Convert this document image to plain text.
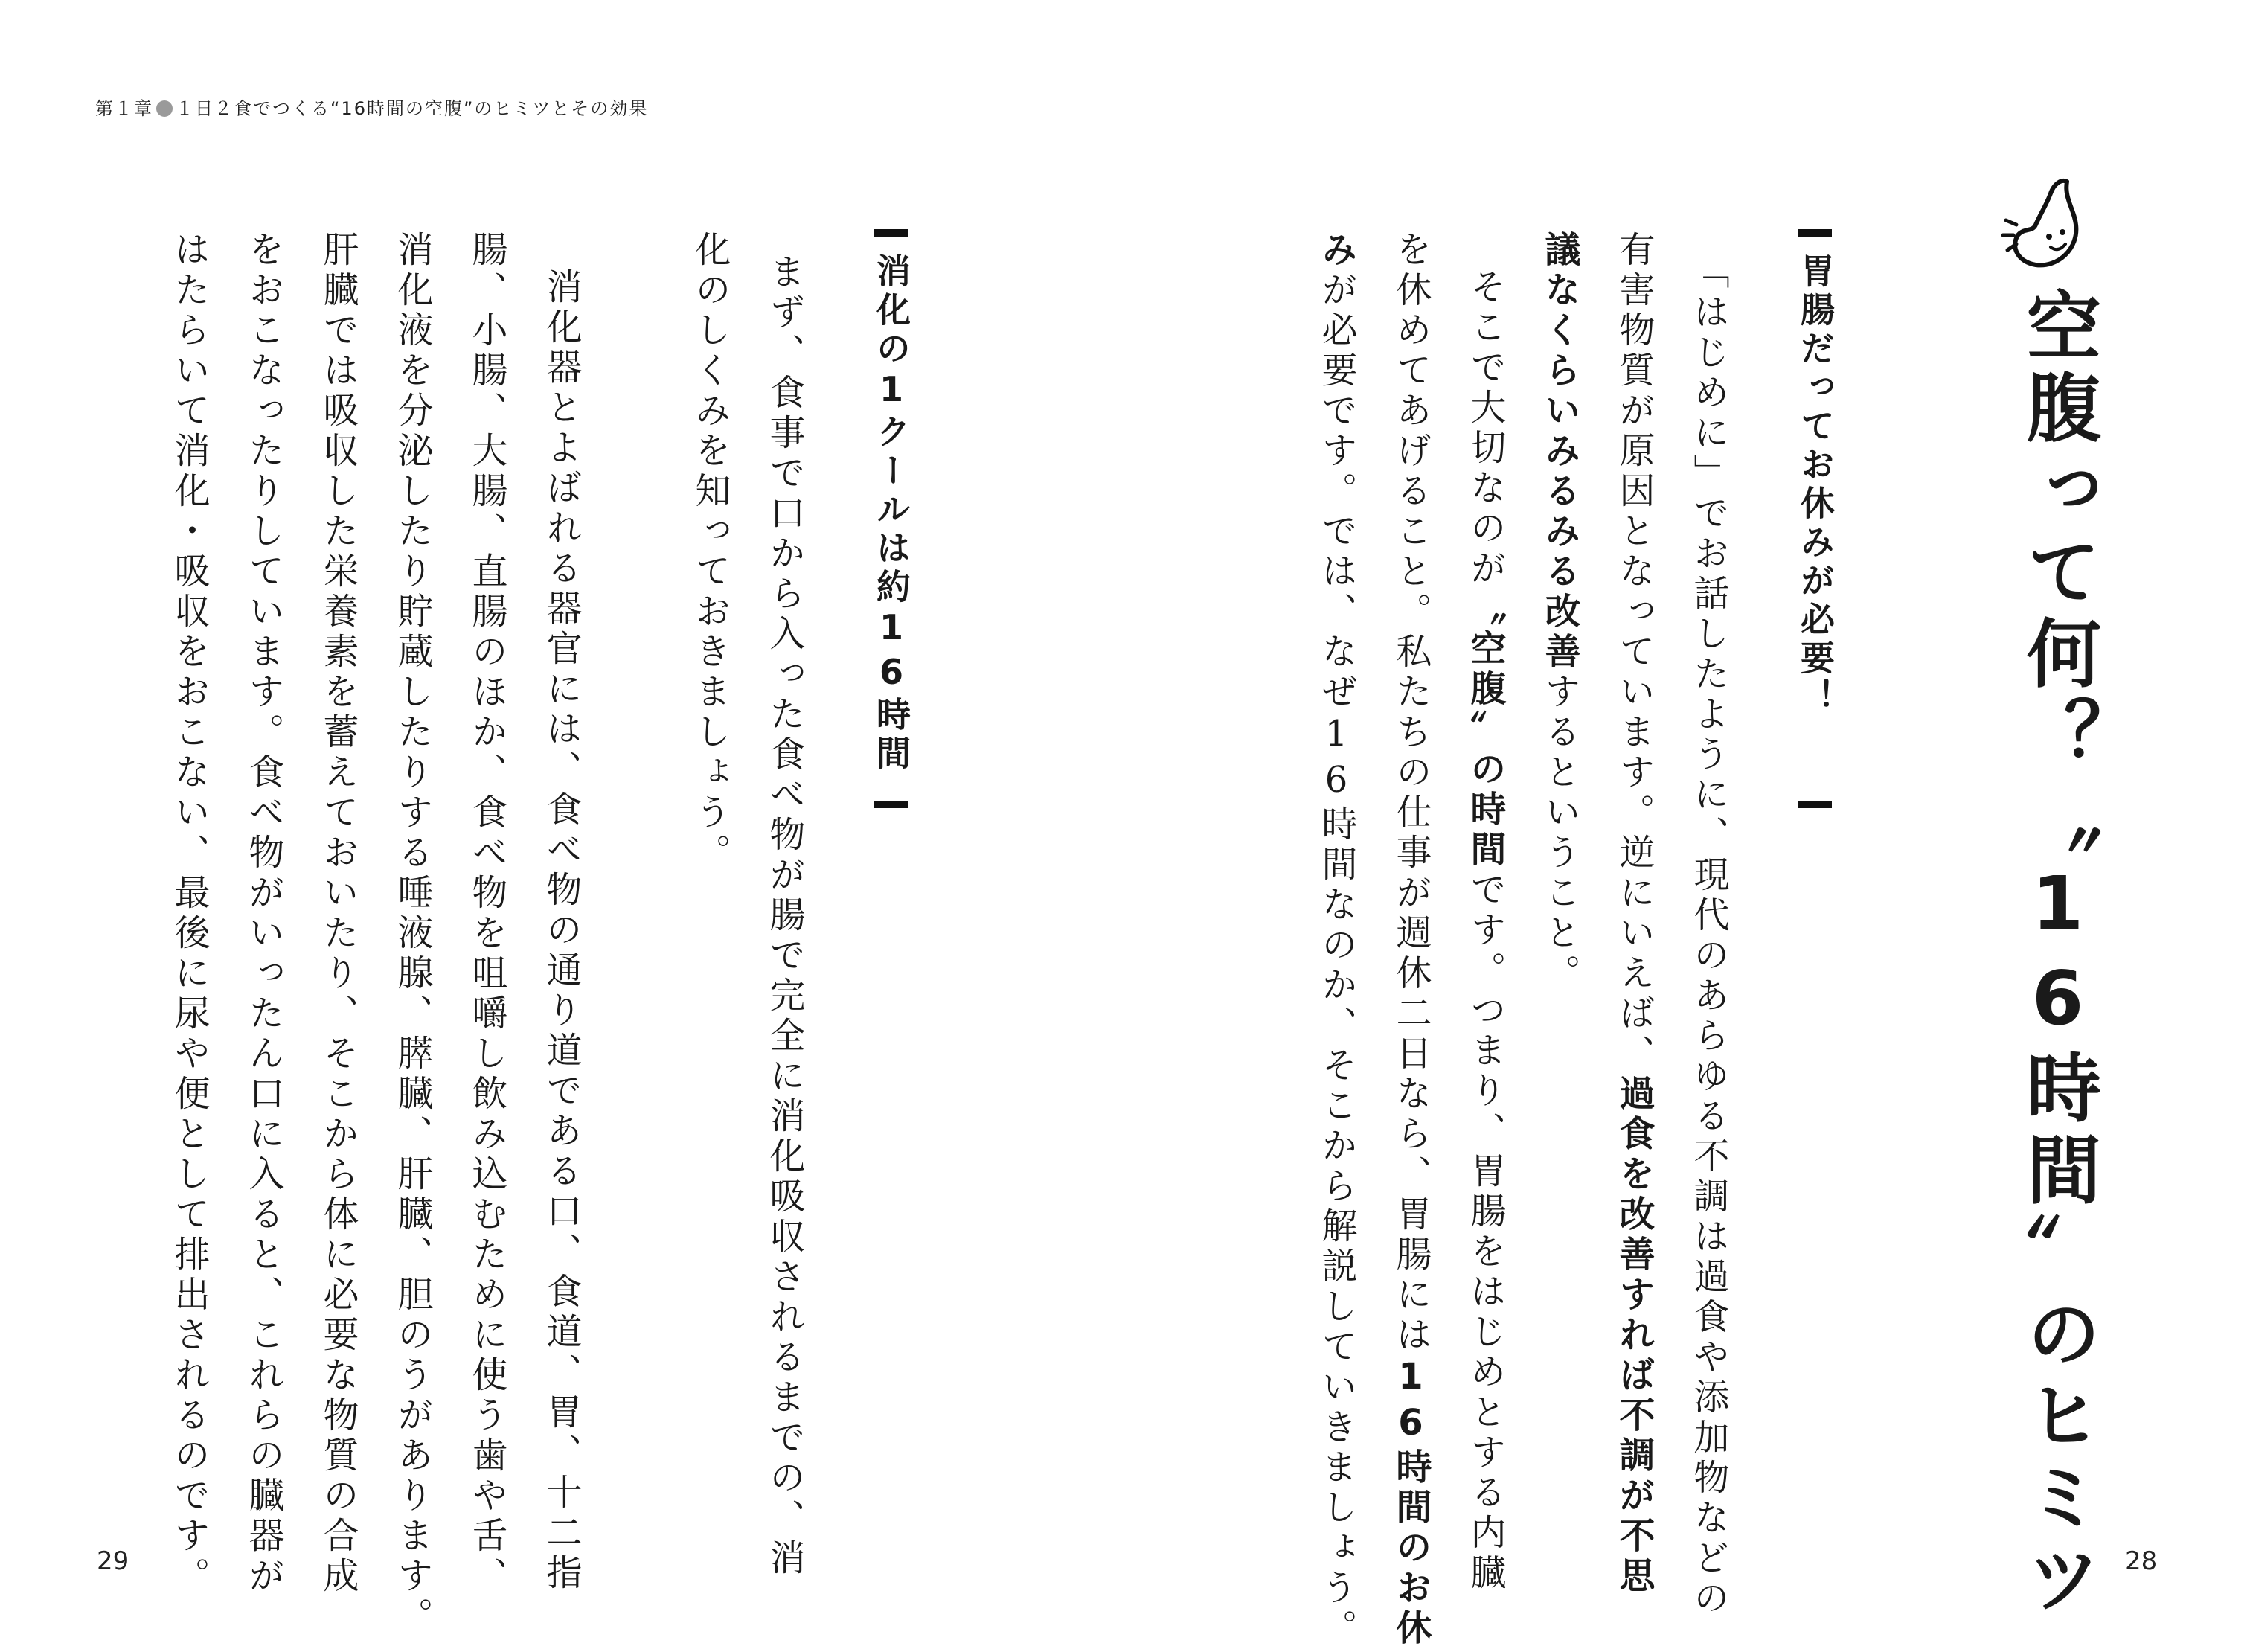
第１章 １日２食でつくる“16時間の空腹”のヒミツとその効果
空腹って何？〝16時間〟のヒミツ
胃腸だってお休みが必要！
「はじめに」でお話したように、現代のあらゆる不調は過食や添加物などの
有害物質が原因となっています。逆にいえば、過食を改善すれば不調が不思
議なくらいみるみる改善するということ。
そこで大切なのが〝空腹〟の時間です。つまり、胃腸をはじめとする内臓
を休めてあげること。私たちの仕事が週休二日なら、胃腸には16時間のお休
みが必要です。では、なぜ16時間なのか、そこから解説していきましょう。
消化の1クールは約16時間
まず、食事で口から入った食べ物が腸で完全に消化吸収されるまでの、消
化のしくみを知っておきましょう。
消化器とよばれる器官には、食べ物の通り道である口、食道、胃、十二指
腸、小腸、大腸、直腸のほか、食べ物を咀嚼し飲み込むために使う歯や舌、
消化液を分泌したり貯蔵したりする唾液腺、膵臓、肝臓、胆のうがあります。
肝臓では吸収した栄養素を蓄えておいたり、そこから体に必要な物質の合成
をおこなったりしています。食べ物がいったん口に入ると、これらの臓器が
はたらいて消化・吸収をおこない、最後に尿や便として排出されるのです。
29	28
